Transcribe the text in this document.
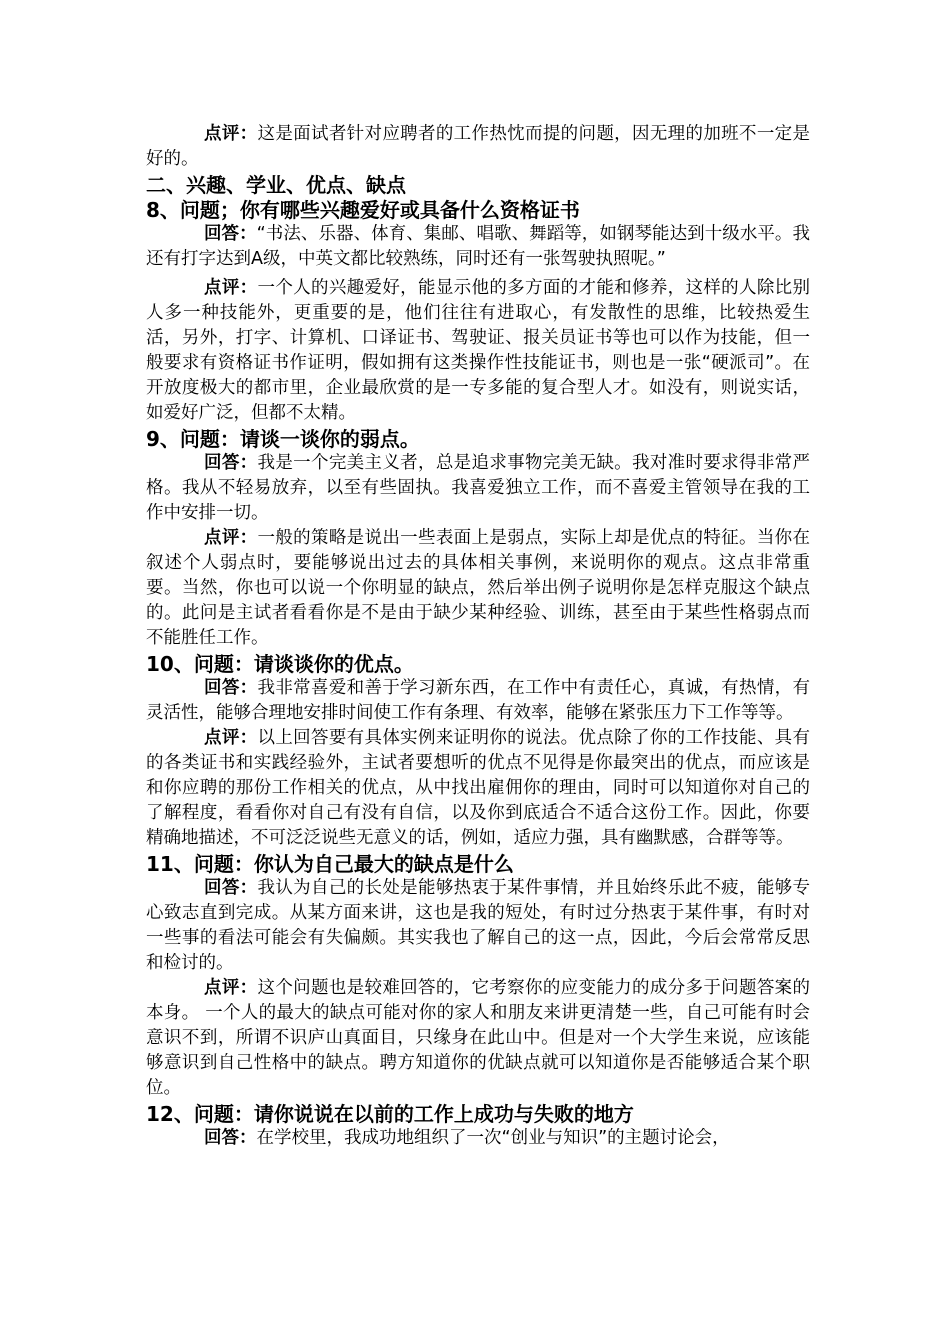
点评：这是面试者针对应聘者的工作热忱而提的问题，因无理的加班不一定是好的。

二、兴趣、学业、优点、缺点
8、问题；你有哪些兴趣爱好或具备什么资格证书

回答：“书法、乐器、体育、集邮、唱歌、舞蹈等，如钢琴能达到十级水平。我还有打字达到A级，中英文都比较熟练，同时还有一张驾驶执照呢。”

点评：一个人的兴趣爱好，能显示他的多方面的才能和修养，这样的人除比别人多一种技能外，更重要的是，他们往往有进取心，有发散性的思维，比较热爱生活，另外，打字、计算机、口译证书、驾驶证、报关员证书等也可以作为技能，但一般要求有资格证书作证明，假如拥有这类操作性技能证书，则也是一张“硬派司”。在开放度极大的都市里，企业最欣赏的是一专多能的复合型人才。如没有，则说实话，如爱好广泛，但都不太精。

9、问题：请谈一谈你的弱点。

回答：我是一个完美主义者，总是追求事物完美无缺。我对准时要求得非常严格。我从不轻易放弃，以至有些固执。我喜爱独立工作，而不喜爱主管领导在我的工作中安排一切。

点评：一般的策略是说出一些表面上是弱点，实际上却是优点的特征。当你在叙述个人弱点时，要能够说出过去的具体相关事例，来说明你的观点。这点非常重要。当然，你也可以说一个你明显的缺点，然后举出例子说明你是怎样克服这个缺点的。此问是主试者看看你是不是由于缺少某种经验、训练，甚至由于某些性格弱点而不能胜任工作。

10、问题：请谈谈你的优点。

回答：我非常喜爱和善于学习新东西，在工作中有责任心，真诚，有热情，有灵活性，能够合理地安排时间使工作有条理、有效率，能够在紧张压力下工作等等。

点评：以上回答要有具体实例来证明你的说法。优点除了你的工作技能、具有的各类证书和实践经验外，主试者要想听的优点不见得是你最突出的优点，而应该是和你应聘的那份工作相关的优点，从中找出雇佣你的理由，同时可以知道你对自己的了解程度，看看你对自己有没有自信，以及你到底适合不适合这份工作。因此，你要精确地描述，不可泛泛说些无意义的话，例如，适应力强，具有幽默感，合群等等。

11、问题：你认为自己最大的缺点是什么

回答：我认为自己的长处是能够热衷于某件事情，并且始终乐此不疲，能够专心致志直到完成。从某方面来讲，这也是我的短处，有时过分热衷于某件事，有时对一些事的看法可能会有失偏颇。其实我也了解自己的这一点，因此，今后会常常反思和检讨的。

点评：这个问题也是较难回答的，它考察你的应变能力的成分多于问题答案的本身。 一个人的最大的缺点可能对你的家人和朋友来讲更清楚一些，自己可能有时会意识不到，所谓不识庐山真面目，只缘身在此山中。但是对一个大学生来说，应该能够意识到自己性格中的缺点。聘方知道你的优缺点就可以知道你是否能够适合某个职位。

12、问题：请你说说在以前的工作上成功与失败的地方

回答：在学校里，我成功地组织了一次“创业与知识”的主题讨论会，
